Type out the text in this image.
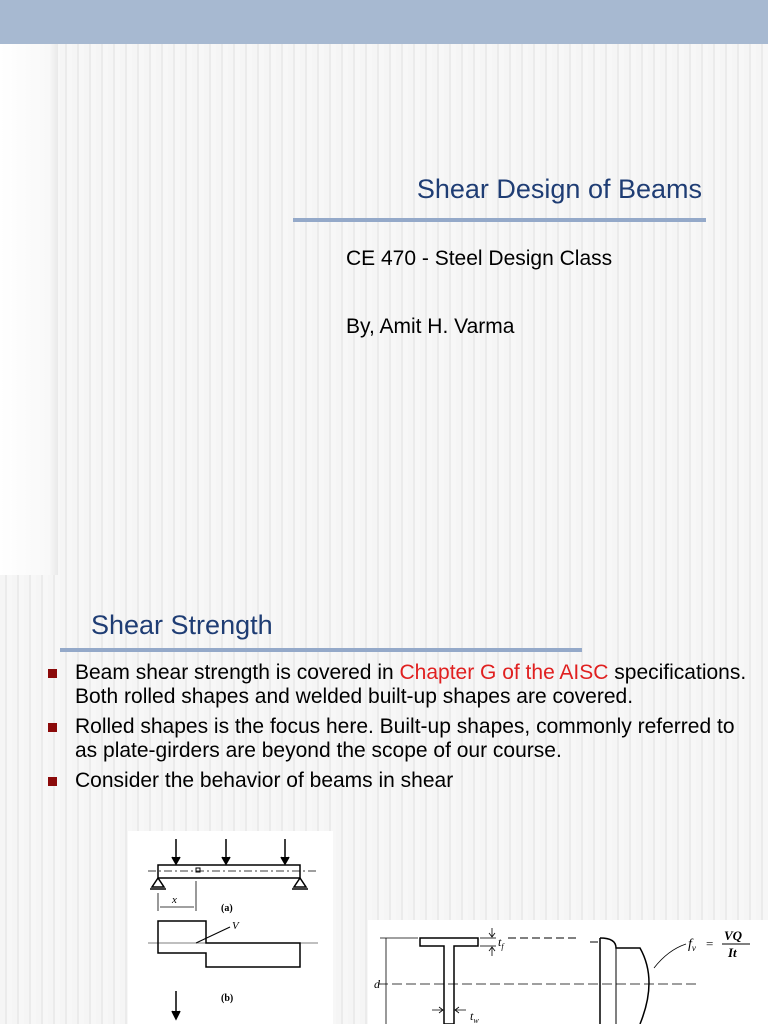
Shear Design of Beams
CE 470 - Steel Design Class
By, Amit H. Varma
Shear Strength
Beam shear strength is covered in Chapter G of the AISC specifications. Both rolled shapes and welded built-up shapes are covered.
Rolled shapes is the focus here. Built-up shapes, commonly referred to as plate-girders are beyond the scope of our course.
Consider the behavior of beams in shear
x
(a)
V
(b)
d
$t_f$
$t_w$
$f_v$ =
VQ
It
